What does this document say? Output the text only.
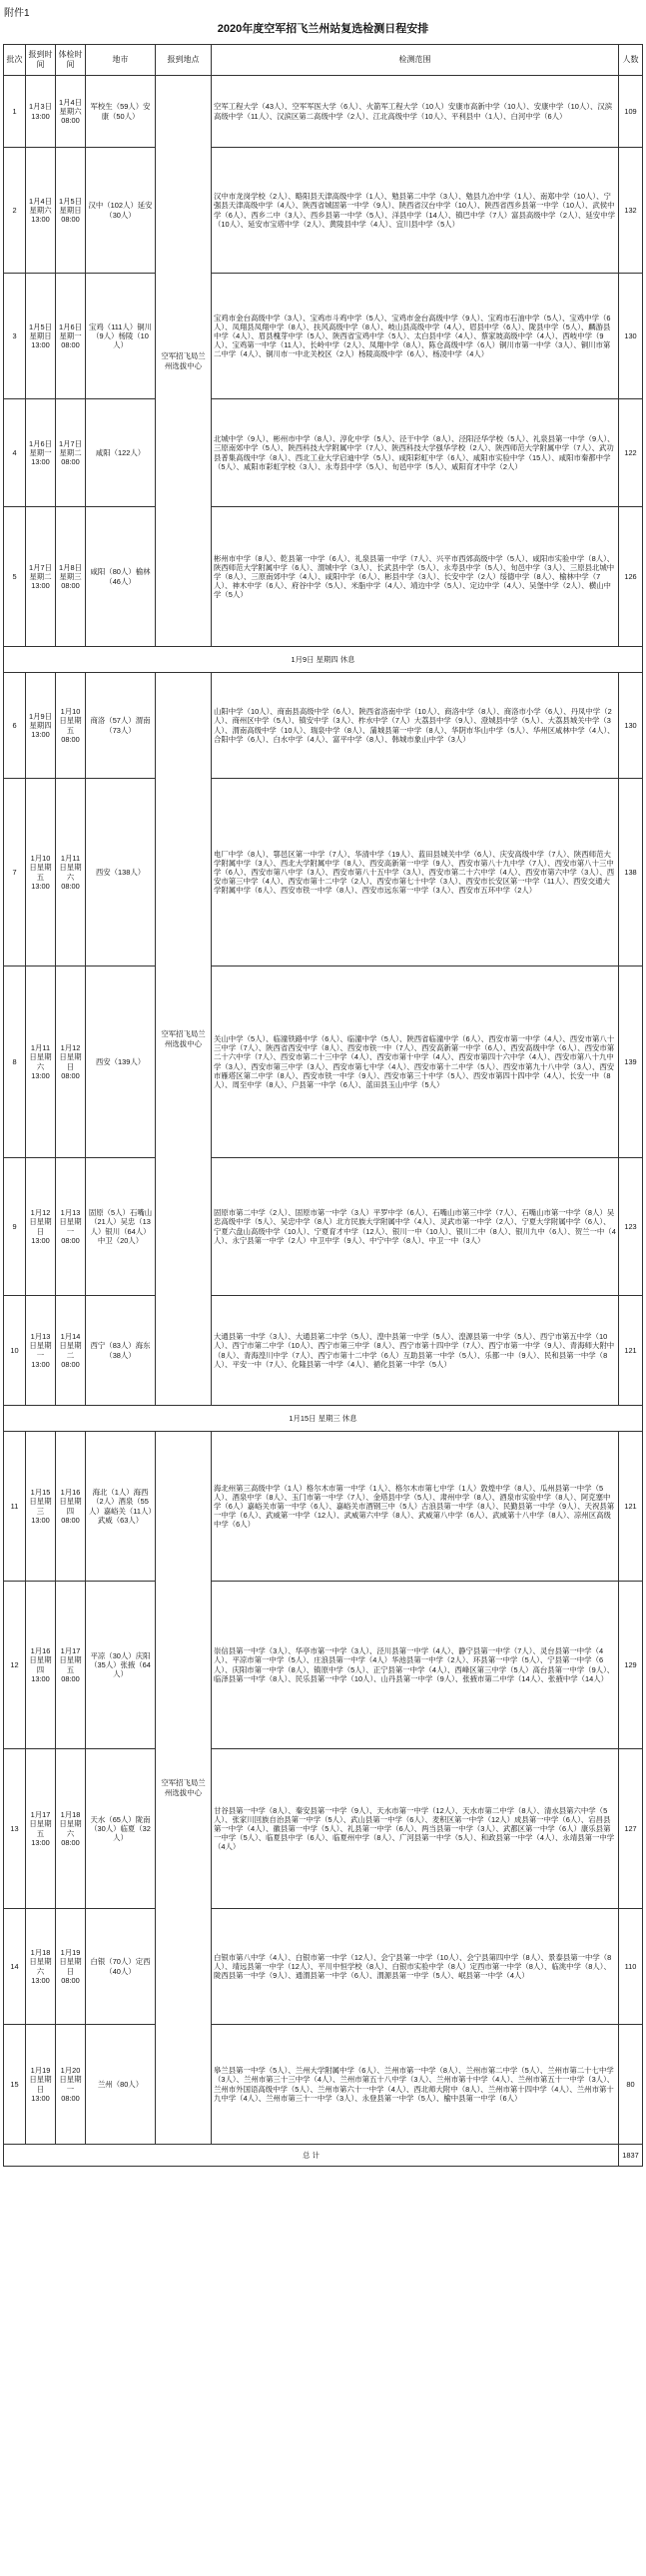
附件1
2020年度空军招飞兰州站复选检测日程安排
批次	报到时间	体检时间	地市	报到地点	检测范围	人数
1	1月3日13:00	1月4日星期六08:00	军校生（59人）安康（50人）	空军招飞局兰州选拔中心	空军工程大学（43人）、空军军医大学（6人）、火箭军工程大学（10人）安康市高新中学（10人）、安康中学（10人）、汉滨高级中学（11人）、汉滨区第二高级中学（2人）、江北高级中学（10人）、平利县中（1人）、白河中学（6人）	109
2	1月4日星期六13:00	1月5日星期日08:00	汉中（102人）延安（30人）		汉中市龙岗学校（2人）、略阳县天津高级中学（1人）、勉县第二中学（3人）、勉县九冶中学（1人）、南郑中学（10人）、宁强县天津高级中学（4人）、陕西省城固第一中学（9人）、陕西省汉台中学（10人）、陕西省西乡县第一中学（10人）、武侯中学（6人）、西乡二中（3人）、西乡县第一中学（5人）、洋县中学（14人）、镇巴中学（7人）富县高级中学（2人）、延安中学（10人）、延安市宝塔中学（2人）、黄陵县中学（4人）、宜川县中学（5人）	132
3	1月5日星期日13:00	1月6日星期一08:00	宝鸡（111人）铜川（9人）杨陵（10人）		宝鸡市金台高级中学（3人）、宝鸡市斗鸡中学（5人）、宝鸡市金台高级中学（9人）、宝鸡市石油中学（5人）、宝鸡中学（6人）、凤翔县凤翔中学（8人）、扶风高级中学（8人）、岐山县高级中学（4人）、眉县中学（6人）、陇县中学（5人）、麟游县中学（4人）、眉县槐芽中学（5人）、陕西省宝鸡中学（5人）、太白县中学（4人）、蔡家坡高级中学（4人）、西岐中学（9人）、宝鸡第一中学（11人）、长岭中学（2人）、凤翔中学（8人）、陈仓高级中学（6人）铜川市第一中学（3人）、铜川市第二中学（4人）、铜川市一中北关校区（2人）杨陵高级中学（6人）、杨凌中学（4人）	130
4	1月6日星期一13:00	1月7日星期二08:00	咸阳（122人）		北城中学（9人）、彬州市中学（8人）、淳化中学（5人）、泾干中学（8人）、泾阳泾华学校（5人）、礼泉县第一中学（9人）、三原南郊中学（5人）、陕西科技大学附属中学（7人）、陕西科技大学强华学校（2人）、陕西师范大学附属中学（7人）、武功县普集高级中学（8人）、西北工业大学启迪中学（5人）、咸阳彩虹中学（6人）、咸阳市实验中学（15人）、咸阳市秦都中学（5人）、咸阳市彩虹学校（3人）、永寿县中学（5人）、旬邑中学（5人）、咸阳育才中学（2人）	122
5	1月7日星期二13:00	1月8日星期三08:00	咸阳（80人）榆林（46人）		彬州市中学（8人）、乾县第一中学（6人）、礼泉县第一中学（7人）、兴平市西郊高级中学（5人）、咸阳市实验中学（8人）、陕西师范大学附属中学（6人）、渭城中学（3人）、长武县中学（5人）、永寿县中学（5人）、旬邑中学（3人）、三原县北城中学（8人）、三原南郊中学（4人）、咸阳中学（6人）、彬县中学（3人）、长安中学（2人）绥德中学（8人）、榆林中学（7人）、神木中学（6人）、府谷中学（5人）、米脂中学（4人）、靖边中学（5人）、定边中学（4人）、吴堡中学（2人）、横山中学（5人）	126
1月9日 星期四 休息						
6	1月9日星期四13:00	1月10日星期五08:00	商洛（57人）渭南（73人）	空军招飞局兰州选拔中心	山阳中学（10人）、商南县高级中学（6人）、陕西省洛南中学（10人）、商洛中学（8人）、商洛市小学（6人）、丹凤中学（2人）、商州区中学（5人）、镇安中学（3人）、柞水中学（7人）大荔县中学（9人）、澄城县中学（5人）、大荔县城关中学（3人）、渭南高级中学（10人）、瑞泉中学（8人）、蒲城县第一中学（8人）、华阴市华山中学（5人）、华州区咸林中学（4人）、合阳中学（6人）、白水中学（4人）、富平中学（8人）、韩城市象山中学（3人）	130
7	1月10日星期五13:00	1月11日星期六08:00	西安（138人）		电厂中学（8人）、鄠邑区第一中学（7人）、华清中学（19人）、蓝田县城关中学（6人）、庆安高级中学（7人）、陕西师范大学附属中学（3人）、西北大学附属中学（8人）、西安高新第一中学（9人）、西安市第八十九中学（7人）、西安市第八十三中学（6人）、西安市第八中学（3人）、西安市第八十五中学（3人）、西安市第二十六中学（4人）、西安市第六中学（3人）、西安市第三中学（4人）、西安市第十二中学（2人）、西安市第七十中学（3人）、西安市长安区第一中学（11人）、西安交通大学附属中学（6人）、西安市铁一中学（8人）、西安市远东第一中学（3人）、西安市五环中学（2人）	138
8	1月11日星期六13:00	1月12日星期日08:00	西安（139人）		关山中学（5人）、临潼铁路中学（6人）、临潼中学（5人）、陕西省临潼中学（6人）、西安市第一中学（4人）、西安市第八十三中学（7人）、陕西省西安中学（8人）、西安市铁一中（7人）、西安高新第一中学（6人）、西安高级中学（6人）、西安市第二十六中学（7人）、西安市第二十三中学（4人）、西安市第十中学（4人）、西安市第四十六中学（4人）、西安市第八十九中学（3人）、西安市第三中学（3人）、西安市第七中学（4人）、西安市第十二中学（5人）、西安市第九十八中学（3人）、西安市雁塔区第二中学（8人）、西安市铁一中学（9人）、西安市第三十中学（5人）、西安市第四十四中学（4人）、长安一中（8人）、周至中学（8人）、户县第一中学（6人）、蓝田县玉山中学（5人）	139
9	1月12日星期日13:00	1月13日星期一08:00	固原（5人）石嘴山（21人）吴忠（13人）银川（64人）中卫（20人）		固原市第二中学（2人）、固原市第一中学（3人）平罗中学（6人）、石嘴山市第三中学（7人）、石嘴山市第一中学（8人）吴忠高级中学（5人）、吴忠中学（8人）北方民族大学附属中学（4人）、灵武市第一中学（2人）、宁夏大学附属中学（6人）、宁夏六盘山高级中学（10人）、宁夏育才中学（12人）、银川一中（10人）、银川二中（8人）、银川九中（6人）、贺兰一中（4人）、永宁县第一中学（2人）中卫中学（9人）、中宁中学（8人）、中卫一中（3人）	123
10	1月13日星期一13:00	1月14日星期二08:00	西宁（83人）海东（38人）		大通县第一中学（3人）、大通县第二中学（5人）、湟中县第一中学（5人）、湟源县第一中学（5人）、西宁市第五中学（10人）、西宁市第二中学（10人）、西宁市第三中学（8人）、西宁市第十四中学（7人）、西宁市第一中学（9人）、青海师大附中（8人）、青海湟川中学（7人）、西宁市第十二中学（6人）互助县第一中学（5人）、乐都一中（9人）、民和县第一中学（8人）、平安一中（7人）、化隆县第一中学（4人）、循化县第一中学（5人）	121
1月15日 星期三 休息						
11	1月15日星期三13:00	1月16日星期四08:00	海北（1人）海西（2人）酒泉（55人）嘉峪关（11人）武威（63人）	空军招飞局兰州选拔中心	海北州第三高级中学（1人）格尔木市第一中学（1人）、格尔木市第七中学（1人）敦煌中学（8人）、瓜州县第一中学（5人）、酒泉中学（8人）、玉门市第一中学（7人）、金塔县中学（5人）、肃州中学（8人）、酒泉市实验中学（8人）、阿克塞中学（6人）嘉峪关市第一中学（6人）、嘉峪关市酒钢三中（5人）古浪县第一中学（8人）、民勤县第一中学（9人）、天祝县第一中学（6人）、武威第一中学（12人）、武威第六中学（8人）、武威第八中学（6人）、武威第十八中学（8人）、凉州区高级中学（6人）	121
12	1月16日星期四13:00	1月17日星期五08:00	平凉（30人）庆阳（35人）张掖（64人）		崇信县第一中学（3人）、华亭市第一中学（3人）、泾川县第一中学（4人）、静宁县第一中学（7人）、灵台县第一中学（4人）、平凉市第一中学（5人）、庄浪县第一中学（4人）华池县第一中学（2人）、环县第一中学（5人）、宁县第一中学（6人）、庆阳市第一中学（8人）、镇原中学（5人）、正宁县第一中学（4人）、西峰区第三中学（5人）高台县第一中学（9人）、临泽县第一中学（8人）、民乐县第一中学（10人）、山丹县第一中学（9人）、张掖市第二中学（14人）、张掖中学（14人）	129
13	1月17日星期五13:00	1月18日星期六08:00	天水（65人）陇南（30人）临夏（32人）		甘谷县第一中学（8人）、秦安县第一中学（9人）、天水市第一中学（12人）、天水市第二中学（8人）、清水县第六中学（5人）、张家川回族自治县第一中学（5人）、武山县第一中学（6人）、麦积区第一中学（12人）成县第一中学（6人）、宕昌县第一中学（4人）、徽县第一中学（5人）、礼县第一中学（6人）、两当县第一中学（3人）、武都区第一中学（6人）康乐县第一中学（5人）、临夏县中学（6人）、临夏州中学（8人）、广河县第一中学（5人）、和政县第一中学（4人）、永靖县第一中学（4人）	127
14	1月18日星期六13:00	1月19日星期日08:00	白银（70人）定西（40人）		白银市第八中学（4人）、白银市第一中学（12人）、会宁县第一中学（10人）、会宁县第四中学（8人）、景泰县第一中学（8人）、靖远县第一中学（12人）、平川中恒学校（8人）、白银市实验中学（8人）定西市第一中学（8人）、临洮中学（8人）、陇西县第一中学（9人）、通渭县第一中学（6人）、渭源县第一中学（5人）、岷县第一中学（4人）	110
15	1月19日星期日13:00	1月20日星期一08:00	兰州（80人）		皋兰县第一中学（5人）、兰州大学附属中学（6人）、兰州市第一中学（8人）、兰州市第二中学（5人）、兰州市第二十七中学（3人）、兰州市第三十三中学（4人）、兰州市第五十八中学（3人）、兰州市第十中学（4人）、兰州市第五十一中学（3人）、兰州市外国语高级中学（5人）、兰州市第六十一中学（4人）、西北师大附中（8人）、兰州市第十四中学（4人）、兰州市第十九中学（4人）、兰州市第三十一中学（3人）、永登县第一中学（5人）、榆中县第一中学（6人）	80
总 计						1837
